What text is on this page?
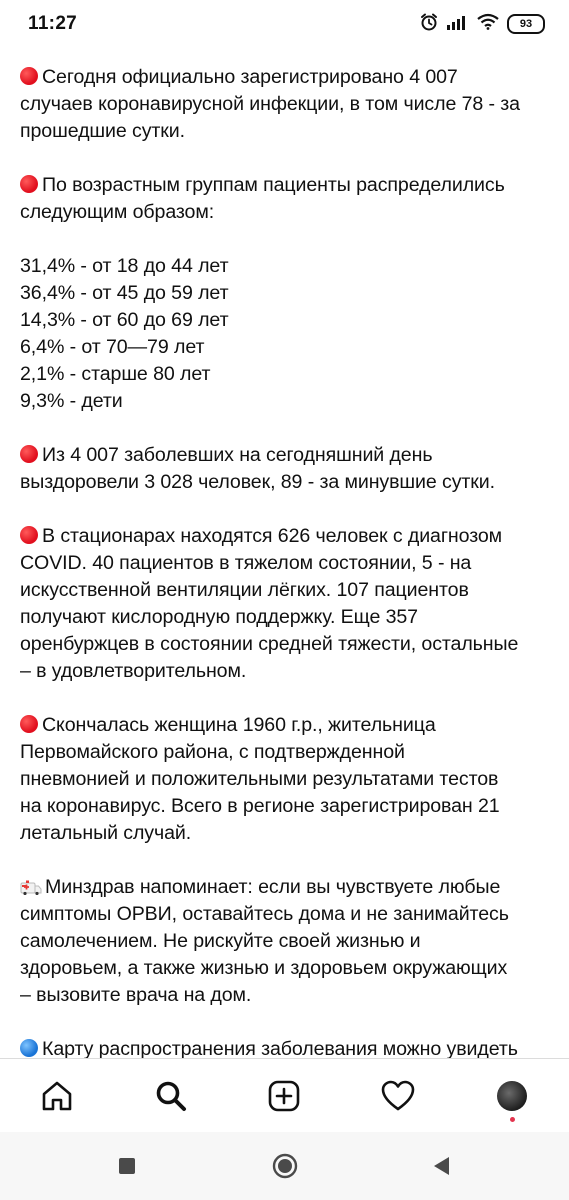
11:27	93
Сегодня официально зарегистрировано 4 007
случаев коронавирусной инфекции, в том числе 78 - за
прошедшие сутки.
По возрастным группам пациенты распределились
следующим образом:
31,4% - от 18 до 44 лет
36,4% - от 45 до 59 лет
14,3% - от 60 до 69 лет
6,4% - от 70—79 лет
2,1% - старше 80 лет
9,3% - дети
Из 4 007 заболевших на сегодняшний день
выздоровели 3 028 человек, 89 - за минувшие сутки.
В стационарах находятся 626 человек с диагнозом
COVID. 40 пациентов в тяжелом состоянии, 5 - на
искусственной вентиляции лёгких. 107 пациентов
получают кислородную поддержку. Еще 357
оренбуржцев в состоянии средней тяжести, остальные
– в удовлетворительном.
Скончалась женщина 1960 г.р., жительница
Первомайского района, с подтвержденной
пневмонией и положительными результатами тестов
на коронавирус. Всего в регионе зарегистрирован 21
летальный случай.
Минздрав напоминает: если вы чувствуете любые
симптомы ОРВИ, оставайтесь дома и не занимайтесь
самолечением. Не рискуйте своей жизнью и
здоровьем, а также жизнью и здоровьем окружающих
– вызовите врача на дом.
Карту распространения заболевания можно увидеть
